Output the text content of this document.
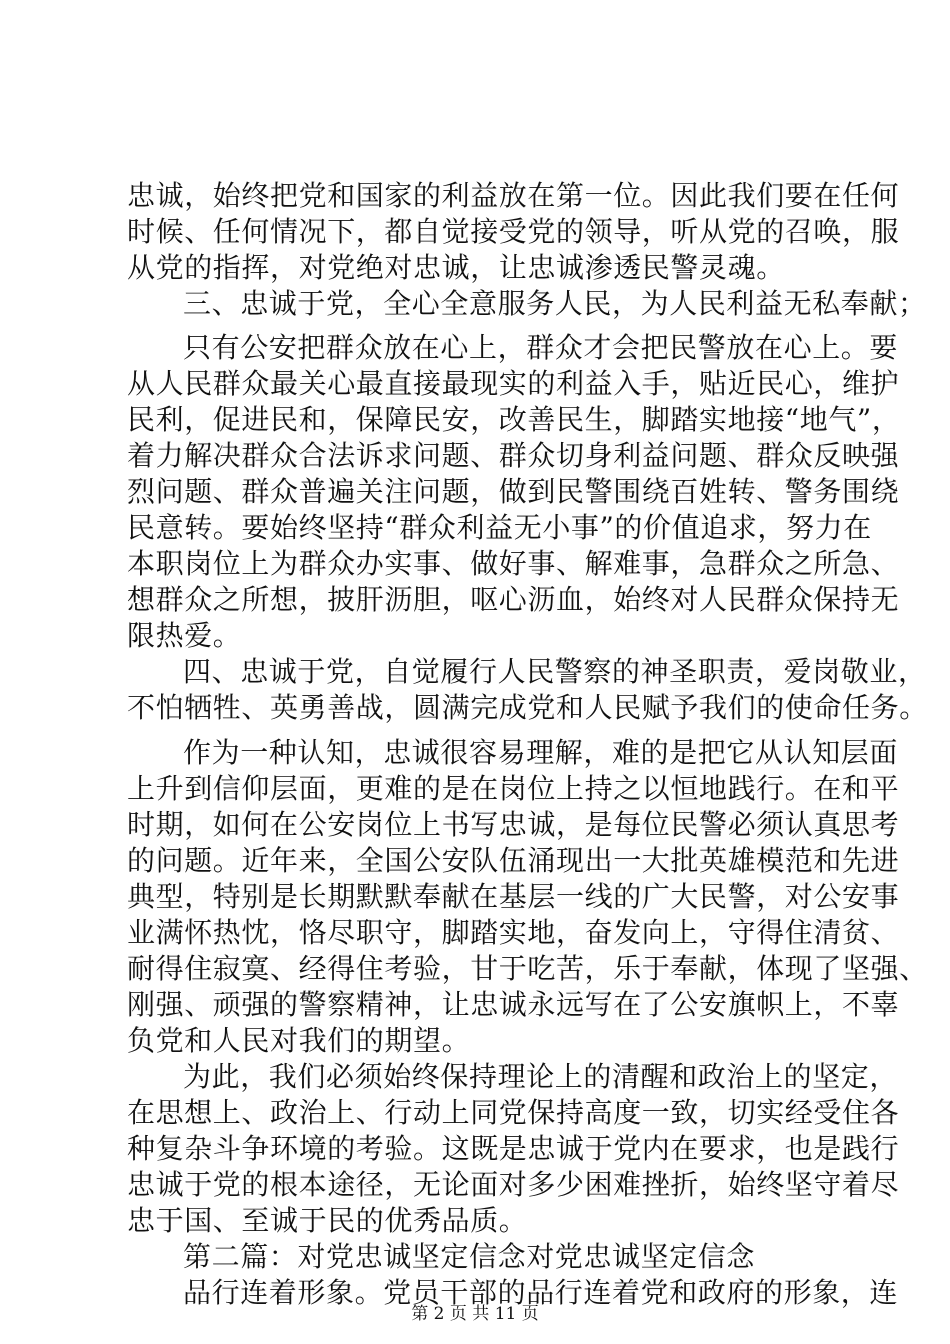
忠诚，始终把党和国家的利益放在第一位。因此我们要在任何
时候、任何情况下，都自觉接受党的领导，听从党的召唤，服
从党的指挥，对党绝对忠诚，让忠诚渗透民警灵魂。
三、忠诚于党，全心全意服务人民，为人民利益无私奉献；
只有公安把群众放在心上，群众才会把民警放在心上。要
从人民群众最关心最直接最现实的利益入手，贴近民心，维护
民利，促进民和，保障民安，改善民生，脚踏实地接“地气”，
着力解决群众合法诉求问题、群众切身利益问题、群众反映强
烈问题、群众普遍关注问题，做到民警围绕百姓转、警务围绕
民意转。要始终坚持“群众利益无小事”的价值追求，努力在
本职岗位上为群众办实事、做好事、解难事，急群众之所急、
想群众之所想，披肝沥胆，呕心沥血，始终对人民群众保持无
限热爱。
四、忠诚于党，自觉履行人民警察的神圣职责，爱岗敬业，
不怕牺牲、英勇善战，圆满完成党和人民赋予我们的使命任务。
作为一种认知，忠诚很容易理解，难的是把它从认知层面
上升到信仰层面，更难的是在岗位上持之以恒地践行。在和平
时期，如何在公安岗位上书写忠诚，是每位民警必须认真思考
的问题。近年来，全国公安队伍涌现出一大批英雄模范和先进
典型，特别是长期默默奉献在基层一线的广大民警，对公安事
业满怀热忱，恪尽职守，脚踏实地，奋发向上，守得住清贫、
耐得住寂寞、经得住考验，甘于吃苦，乐于奉献，体现了坚强、
刚强、顽强的警察精神，让忠诚永远写在了公安旗帜上，不辜
负党和人民对我们的期望。
为此，我们必须始终保持理论上的清醒和政治上的坚定，
在思想上、政治上、行动上同党保持高度一致，切实经受住各
种复杂斗争环境的考验。这既是忠诚于党内在要求，也是践行
忠诚于党的根本途径，无论面对多少困难挫折，始终坚守着尽
忠于国、至诚于民的优秀品质。
第二篇：对党忠诚坚定信念对党忠诚坚定信念
品行连着形象。党员干部的品行连着党和政府的形象，连
第 2 页 共 11 页
